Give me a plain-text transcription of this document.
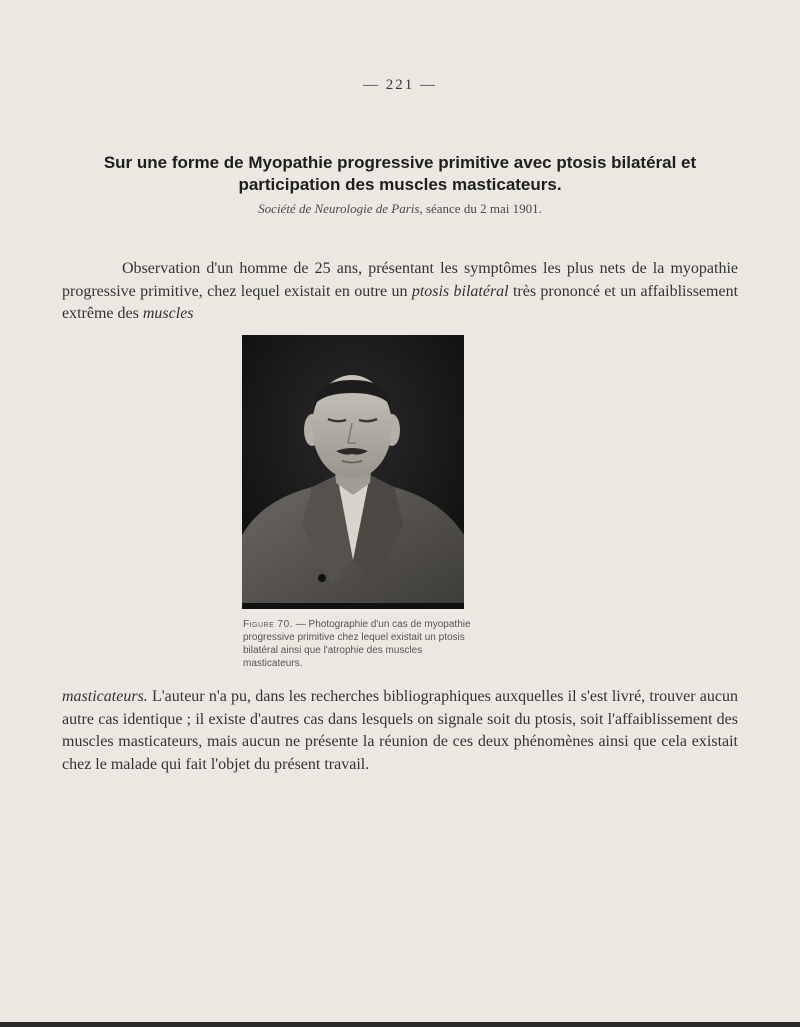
— 221 —
Sur une forme de Myopathie progressive primitive avec ptosis bilatéral et participation des muscles masticateurs.
Société de Neurologie de Paris, séance du 2 mai 1901.
Observation d'un homme de 25 ans, présentant les symptômes les plus nets de la myopathie progressive primitive, chez lequel existait en outre un ptosis bilatéral très prononcé et un affaiblissement extrême des muscles
Figure 70. — Photographie d'un cas de myopathie progressive primitive chez lequel existait un ptosis bilatéral ainsi que l'atrophie des muscles masticateurs.
masticateurs. L'auteur n'a pu, dans les recherches bibliographiques auxquelles il s'est livré, trouver aucun autre cas identique ; il existe d'autres cas dans lesquels on signale soit du ptosis, soit l'affaiblissement des muscles masticateurs, mais aucun ne présente la réunion de ces deux phénomènes ainsi que cela existait chez le malade qui fait l'objet du présent travail.
